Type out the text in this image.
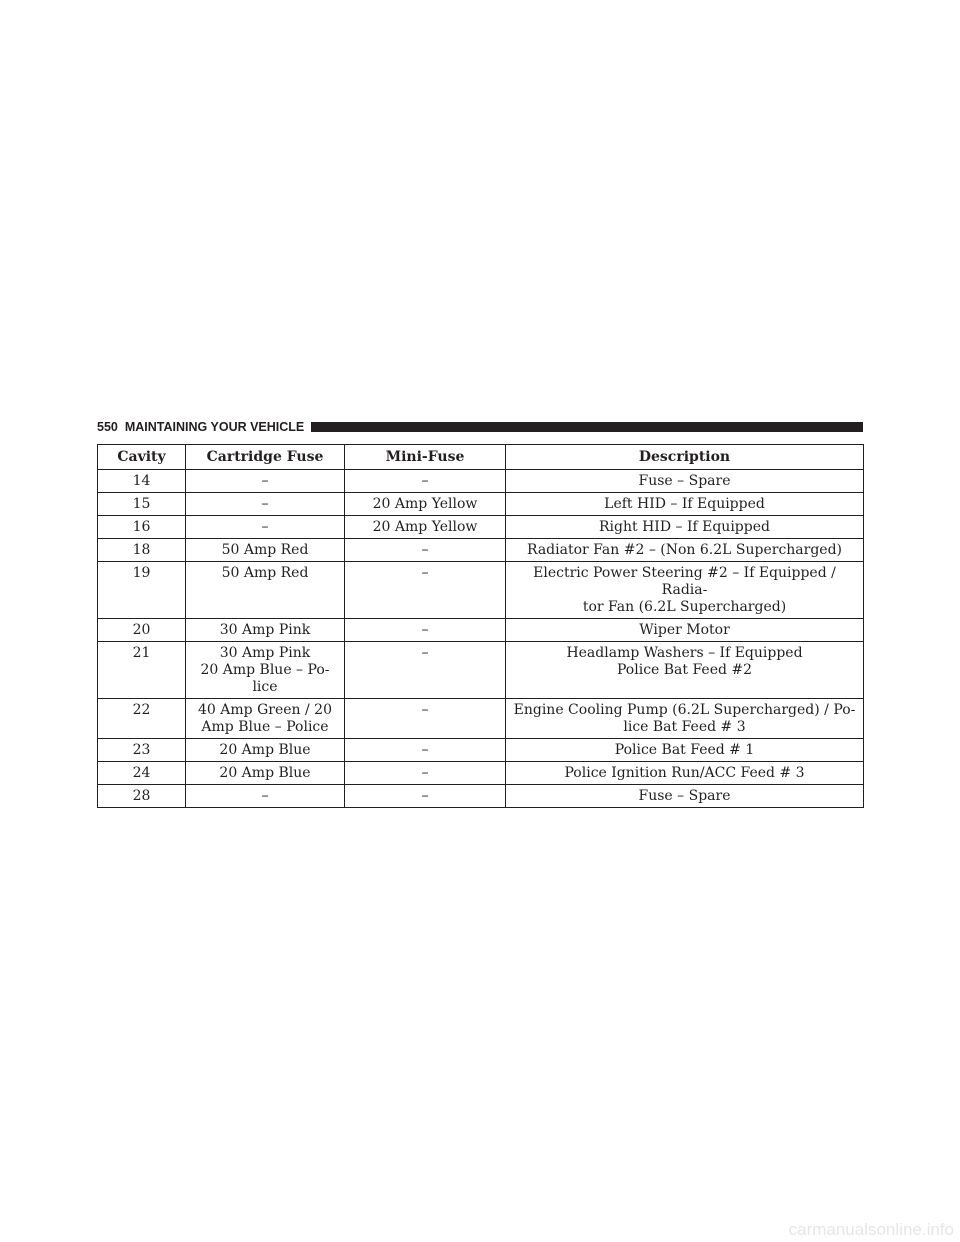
550 MAINTAINING YOUR VEHICLE
Cavity	Cartridge Fuse	Mini-Fuse	Description
14	–	–	Fuse – Spare

15	–	20 Amp Yellow	Left HID – If Equipped

16	–	20 Amp Yellow	Right HID – If Equipped

18	50 Amp Red	–	Radiator Fan #2 – (Non 6.2L Supercharged)

19	50 Amp Red	–	Electric Power Steering #2 – If Equipped / Radia-
tor Fan (6.2L Supercharged)

20	30 Amp Pink	–	Wiper Motor

21	30 Amp Pink
20 Amp Blue – Po-
lice	–	Headlamp Washers – If Equipped
Police Bat Feed #2

22	40 Amp Green / 20
Amp Blue – Police	–	Engine Cooling Pump (6.2L Supercharged) / Po-
lice Bat Feed # 3

23	20 Amp Blue	–	Police Bat Feed # 1

24	20 Amp Blue	–	Police Ignition Run/ACC Feed # 3

28	–	–	Fuse – Spare
carmanualsonline.info
